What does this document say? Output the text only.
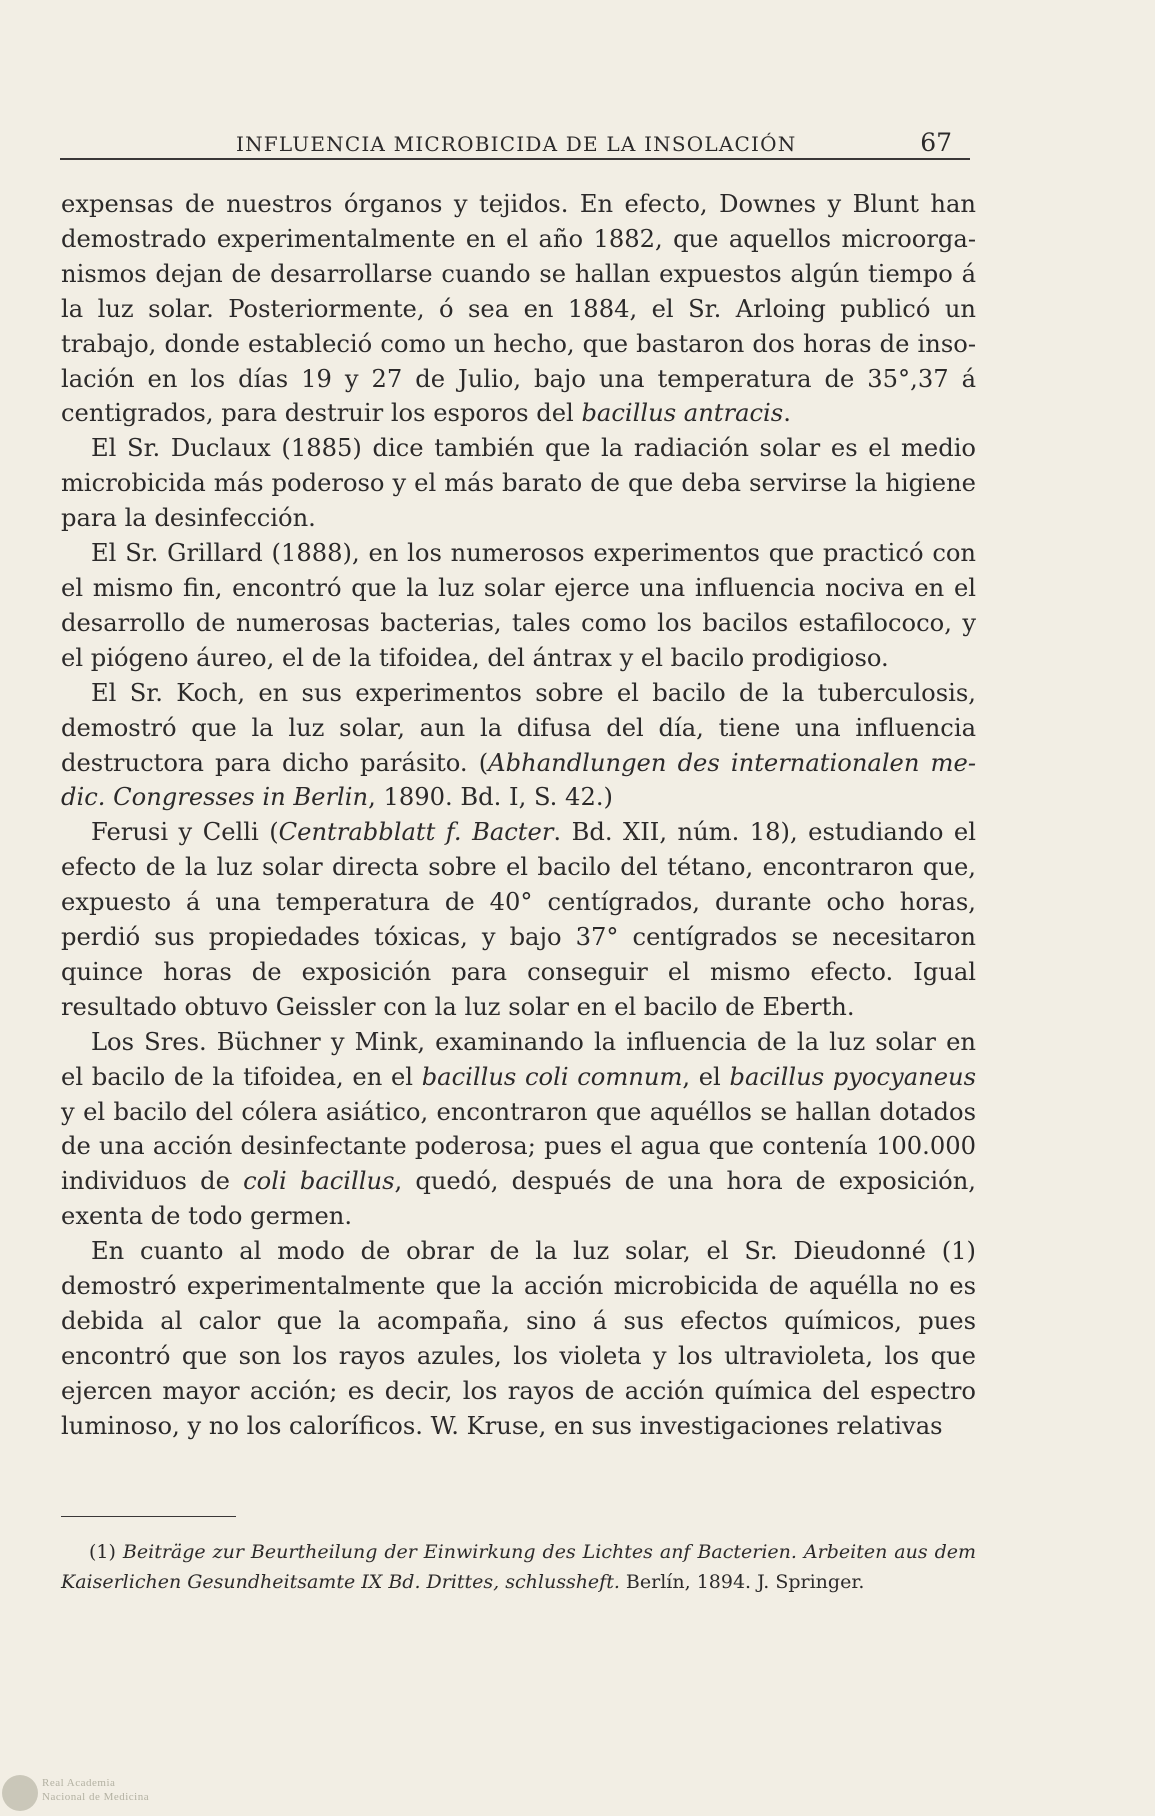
INFLUENCIA MICROBICIDA DE LA INSOLACIÓN	67

expensas de nuestros órganos y tejidos. En efecto, Downes y Blunt han demostrado experimentalmente en el año 1882, que aquellos microorganismos dejan de desarrollarse cuando se hallan expuestos algún tiempo á la luz solar. Posteriormente, ó sea en 1884, el Sr. Arloing publicó un trabajo, donde estableció como un hecho, que bastaron dos horas de insolación en los días 19 y 27 de Julio, bajo una temperatura de 35°,37 á centigrados, para destruir los esporos del bacillus antracis.

El Sr. Duclaux (1885) dice también que la radiación solar es el medio microbicida más poderoso y el más barato de que deba servirse la higiene para la desinfección.

El Sr. Grillard (1888), en los numerosos experimentos que practicó con el mismo fin, encontró que la luz solar ejerce una influencia nociva en el desarrollo de numerosas bacterias, tales como los bacilos estafilococo, y el piógeno áureo, el de la tifoidea, del ántrax y el bacilo prodigioso.

El Sr. Koch, en sus experimentos sobre el bacilo de la tuberculosis, demostró que la luz solar, aun la difusa del día, tiene una influencia destructora para dicho parásito. (Abhandlungen des internationalen medic. Congresses in Berlin, 1890. Bd. I, S. 42.)

Ferusi y Celli (Centrabblatt f. Bacter. Bd. XII, núm. 18), estudiando el efecto de la luz solar directa sobre el bacilo del tétano, encontraron que, expuesto á una temperatura de 40° centígrados, durante ocho horas, perdió sus propiedades tóxicas, y bajo 37° centígrados se necesitaron quince horas de exposición para conseguir el mismo efecto. Igual resultado obtuvo Geissler con la luz solar en el bacilo de Eberth.

Los Sres. Büchner y Mink, examinando la influencia de la luz solar en el bacilo de la tifoidea, en el bacillus coli comnum, el bacillus pyocyaneus y el bacilo del cólera asiático, encontraron que aquéllos se hallan dotados de una acción desinfectante poderosa; pues el agua que contenía 100.000 individuos de coli bacillus, quedó, después de una hora de exposición, exenta de todo germen.

En cuanto al modo de obrar de la luz solar, el Sr. Dieudonné (1) demostró experimentalmente que la acción microbicida de aquélla no es debida al calor que la acompaña, sino á sus efectos químicos, pues encontró que son los rayos azules, los violeta y los ultravioleta, los que ejercen mayor acción; es decir, los rayos de acción química del espectro luminoso, y no los caloríficos. W. Kruse, en sus investigaciones relativas

(1) Beiträge zur Beurtheilung der Einwirkung des Lichtes anf Bacterien. Arbeiten aus dem Kaiserlichen Gesundheitsamte IX Bd. Drittes, schlussheft. Berlín, 1894. J. Springer.

Real Academia
Nacional de Medicina
